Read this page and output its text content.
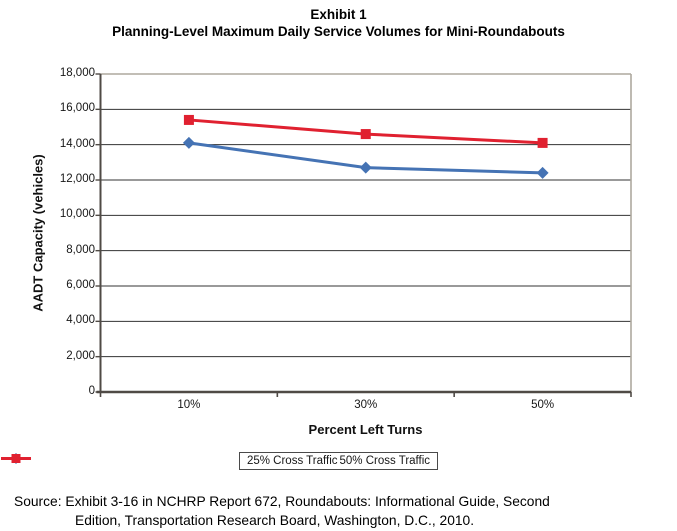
Exhibit 1
Planning-Level Maximum Daily Service Volumes for Mini-Roundabouts
AADT Capacity (vehicles)
Percent Left Turns
25% Cross Traffic 50% Cross Traffic
Source: Exhibit 3-16 in NCHRP Report 672, Roundabouts: Informational Guide, Second
Edition, Transportation Research Board, Washington, D.C., 2010.
0
2,000
4,000
6,000
8,000
10,000
12,000
14,000
16,000
18,000
10%	30%	50%
